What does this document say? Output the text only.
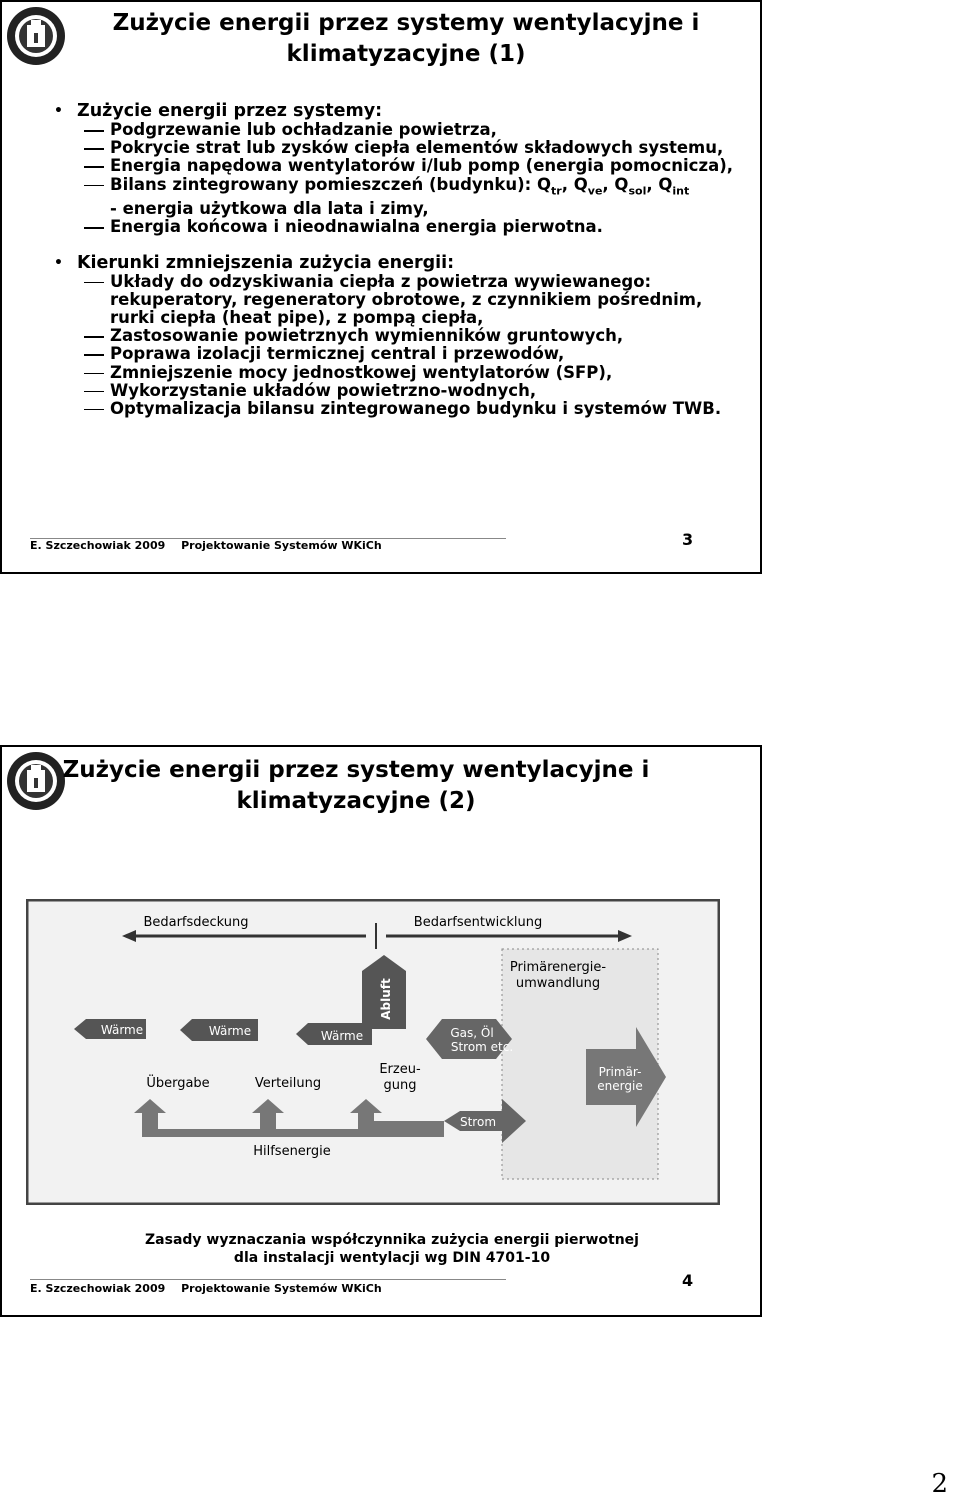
Zużycie energii przez systemy wentylacyjne i klimatyzacyjne (1)
• Zużycie energii przez systemy:
Podgrzewanie lub ochładzanie powietrza,
Pokrycie strat lub zysków ciepła elementów składowych systemu,
Energia napędowa wentylatorów i/lub pomp (energia pomocnicza),
Bilans zintegrowany pomieszczeń (budynku): $Q_{tr}$, $Q_{ve}$, $Q_{sol}$, $Q_{int}$
- energia użytkowa dla lata i zimy,
Energia końcowa i nieodnawialna energia pierwotna.
• Kierunki zmniejszenia zużycia energii:
Układy do odzyskiwania ciepła z powietrza wywiewanego: rekuperatory, regeneratory obrotowe, z czynnikiem pośrednim, rurki ciepła (heat pipe), z pompą ciepła,
Zastosowanie powietrznych wymienników gruntowych,
Poprawa izolacji termicznej central i przewodów,
Zmniejszenie mocy jednostkowej wentylatorów (SFP),
Wykorzystanie układów powietrzno-wodnych,
Optymalizacja bilansu zintegrowanego budynku i systemów TWB.
3
E. Szczechowiak 2009 Projektowanie Systemów WKiCh
Zużycie energii przez systemy wentylacyjne i klimatyzacyjne (2)
Bedarfsdeckung	Bedarfsentwicklung
Abluft
Primärenergie-
umwandlung
Wärme	Wärme	Wärme	Gas, Öl
Strom etc.
Primär-
energie
Übergabe	Verteilung
Erzeu-
gung
Strom
Hilfsenergie
Zasady wyznaczania współczynnika zużycia energii pierwotnej
dla instalacji wentylacji wg DIN 4701-10
4
E. Szczechowiak 2009 Projektowanie Systemów WKiCh
2
